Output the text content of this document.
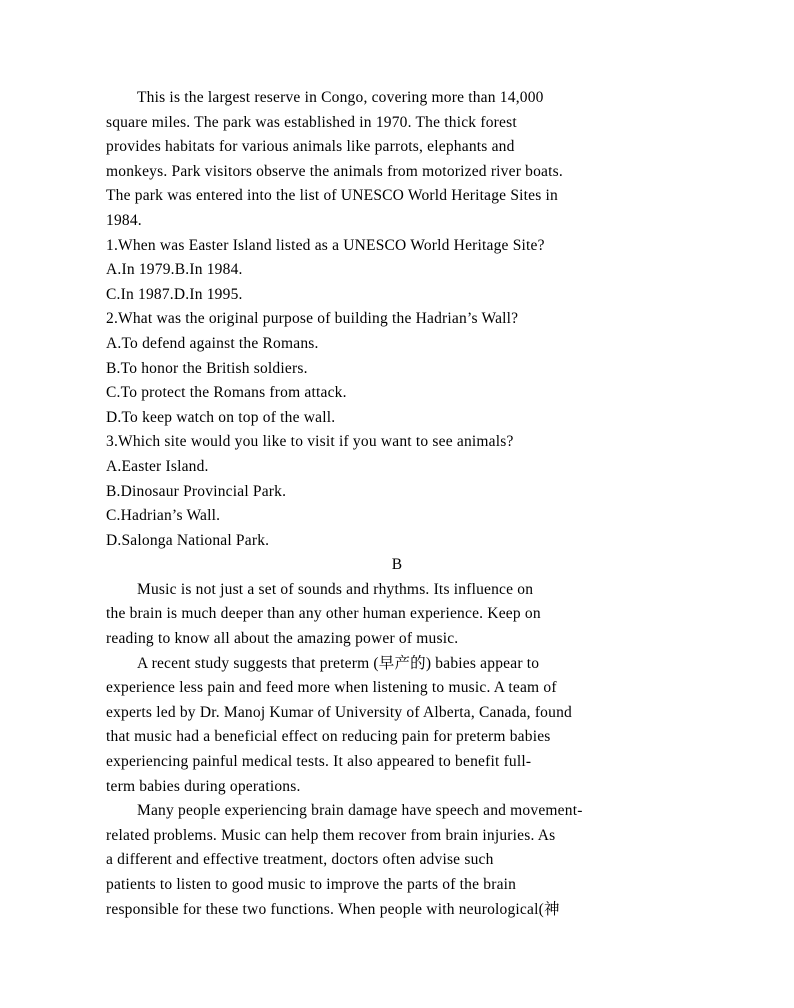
This is the largest reserve in Congo, covering more than 14,000
square miles. The park was established in 1970. The thick forest
provides habitats for various animals like parrots, elephants and
monkeys. Park visitors observe the animals from motorized river boats.
The park was entered into the list of UNESCO World Heritage Sites in
1984.
1.When was Easter Island listed as a UNESCO World Heritage Site?
A.In 1979.B.In 1984.
C.In 1987.D.In 1995.
2.What was the original purpose of building the Hadrian’s Wall?
A.To defend against the Romans.
B.To honor the British soldiers.
C.To protect the Romans from attack.
D.To keep watch on top of the wall.
3.Which site would you like to visit if you want to see animals?
A.Easter Island.
B.Dinosaur Provincial Park.
C.Hadrian’s Wall.
D.Salonga National Park.
B
Music is not just a set of sounds and rhythms. Its influence on
the brain is much deeper than any other human experience. Keep on
reading to know all about the amazing power of music.
A recent study suggests that preterm (早产的) babies appear to
experience less pain and feed more when listening to music. A team of
experts led by Dr. Manoj Kumar of University of Alberta, Canada, found
that music had a beneficial effect on reducing pain for preterm babies
experiencing painful medical tests. It also appeared to benefit full-
term babies during operations.
Many people experiencing brain damage have speech and movement-
related problems. Music can help them recover from brain injuries. As
a different and effective treatment, doctors often advise such
patients to listen to good music to improve the parts of the brain
responsible for these two functions. When people with neurological(神
